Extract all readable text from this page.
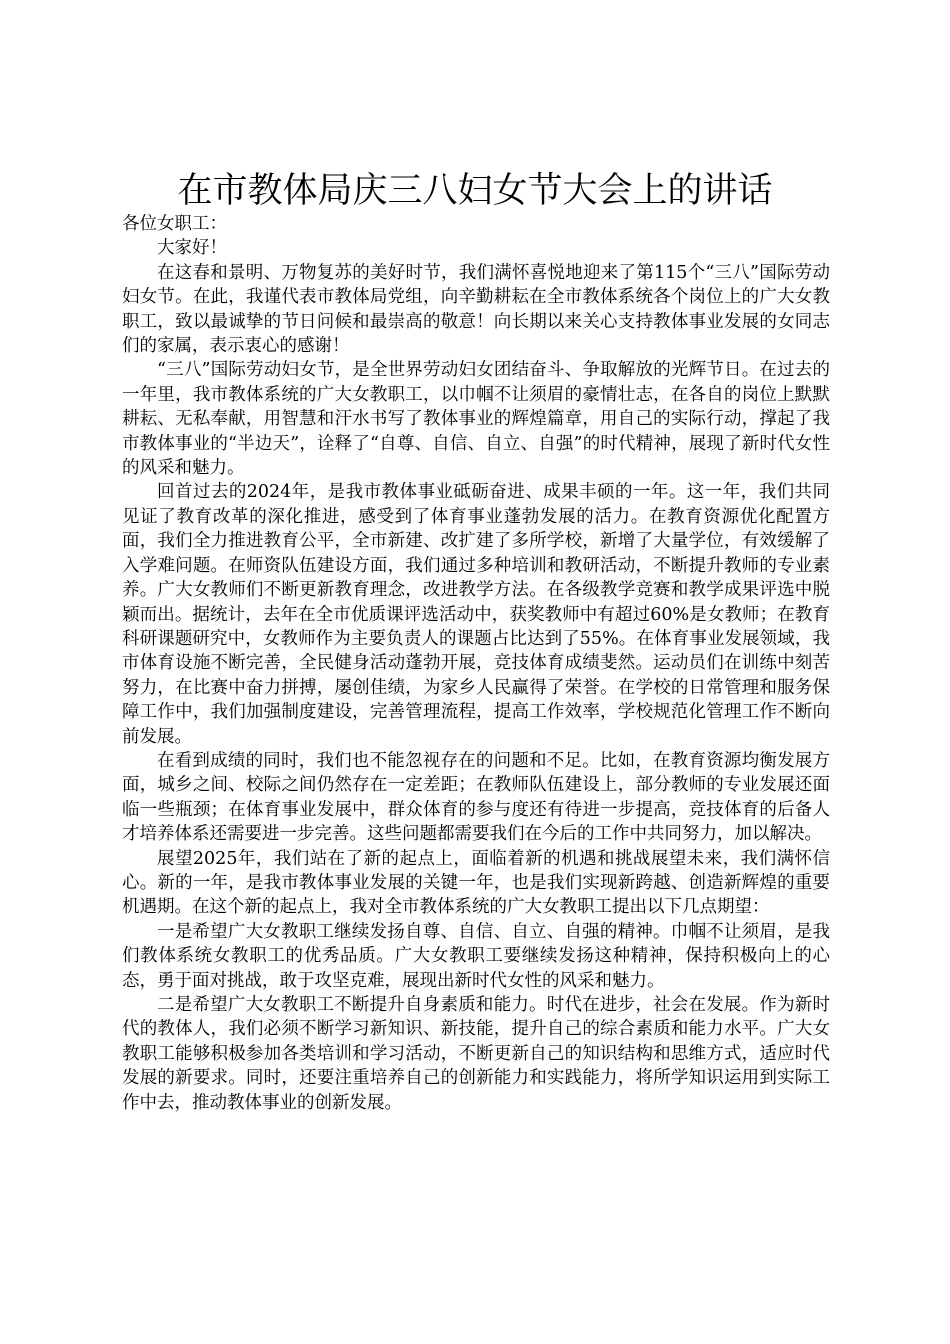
在市教体局庆三八妇女节大会上的讲话

各位女职工：

大家好！

在这春和景明、万物复苏的美好时节，我们满怀喜悦地迎来了第115个“三八”国际劳动妇女节。在此，我谨代表市教体局党组，向辛勤耕耘在全市教体系统各个岗位上的广大女教职工，致以最诚挚的节日问候和最崇高的敬意！向长期以来关心支持教体事业发展的女同志们的家属，表示衷心的感谢！

“三八”国际劳动妇女节，是全世界劳动妇女团结奋斗、争取解放的光辉节日。在过去的一年里，我市教体系统的广大女教职工，以巾帼不让须眉的豪情壮志，在各自的岗位上默默耕耘、无私奉献，用智慧和汗水书写了教体事业的辉煌篇章，用自己的实际行动，撑起了我市教体事业的“半边天”，诠释了“自尊、自信、自立、自强”的时代精神，展现了新时代女性的风采和魅力。

回首过去的2024年，是我市教体事业砥砺奋进、成果丰硕的一年。这一年，我们共同见证了教育改革的深化推进，感受到了体育事业蓬勃发展的活力。在教育资源优化配置方面，我们全力推进教育公平，全市新建、改扩建了多所学校，新增了大量学位，有效缓解了入学难问题。在师资队伍建设方面，我们通过多种培训和教研活动，不断提升教师的专业素养。广大女教师们不断更新教育理念，改进教学方法。在各级教学竞赛和教学成果评选中脱颖而出。据统计，去年在全市优质课评选活动中，获奖教师中有超过60%是女教师；在教育科研课题研究中，女教师作为主要负责人的课题占比达到了55%。在体育事业发展领域，我市体育设施不断完善，全民健身活动蓬勃开展，竞技体育成绩斐然。运动员们在训练中刻苦努力，在比赛中奋力拼搏，屡创佳绩，为家乡人民赢得了荣誉。在学校的日常管理和服务保障工作中，我们加强制度建设，完善管理流程，提高工作效率，学校规范化管理工作不断向前发展。

在看到成绩的同时，我们也不能忽视存在的问题和不足。比如，在教育资源均衡发展方面，城乡之间、校际之间仍然存在一定差距；在教师队伍建设上，部分教师的专业发展还面临一些瓶颈；在体育事业发展中，群众体育的参与度还有待进一步提高，竞技体育的后备人才培养体系还需要进一步完善。这些问题都需要我们在今后的工作中共同努力，加以解决。

展望2025年，我们站在了新的起点上，面临着新的机遇和挑战展望未来，我们满怀信心。新的一年，是我市教体事业发展的关键一年，也是我们实现新跨越、创造新辉煌的重要机遇期。在这个新的起点上，我对全市教体系统的广大女教职工提出以下几点期望：

一是希望广大女教职工继续发扬自尊、自信、自立、自强的精神。巾帼不让须眉，是我们教体系统女教职工的优秀品质。广大女教职工要继续发扬这种精神，保持积极向上的心态，勇于面对挑战，敢于攻坚克难，展现出新时代女性的风采和魅力。

二是希望广大女教职工不断提升自身素质和能力。时代在进步，社会在发展。作为新时代的教体人，我们必须不断学习新知识、新技能，提升自己的综合素质和能力水平。广大女教职工能够积极参加各类培训和学习活动，不断更新自己的知识结构和思维方式，适应时代发展的新要求。同时，还要注重培养自己的创新能力和实践能力，将所学知识运用到实际工作中去，推动教体事业的创新发展。
